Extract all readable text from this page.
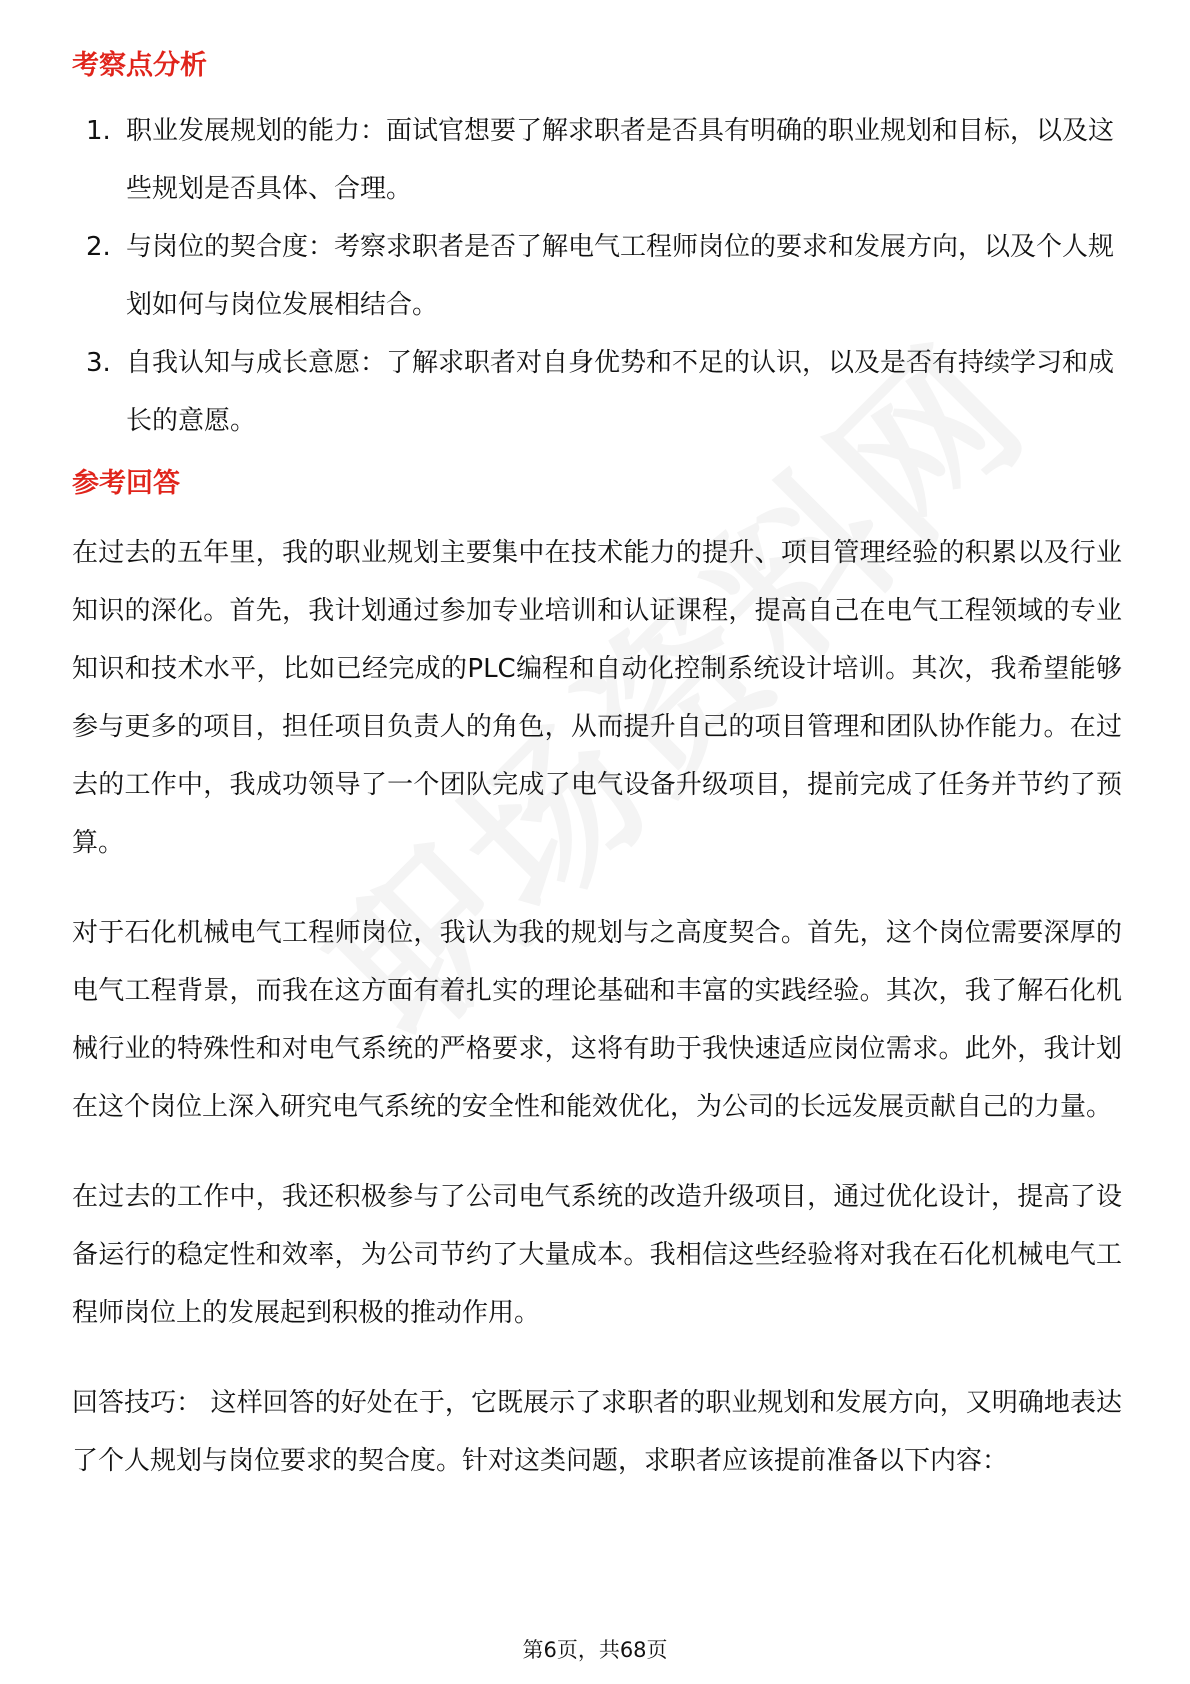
考察点分析
1. 职业发展规划的能力：面试官想要了解求职者是否具有明确的职业规划和目标，以及这些规划是否具体、合理。
2. 与岗位的契合度：考察求职者是否了解电气工程师岗位的要求和发展方向，以及个人规划如何与岗位发展相结合。
3. 自我认知与成长意愿：了解求职者对自身优势和不足的认识，以及是否有持续学习和成长的意愿。
参考回答

在过去的五年里，我的职业规划主要集中在技术能力的提升、项目管理经验的积累以及行业知识的深化。首先，我计划通过参加专业培训和认证课程，提高自己在电气工程领域的专业知识和技术水平，比如已经完成的PLC编程和自动化控制系统设计培训。其次，我希望能够参与更多的项目，担任项目负责人的角色，从而提升自己的项目管理和团队协作能力。在过去的工作中，我成功领导了一个团队完成了电气设备升级项目，提前完成了任务并节约了预算。

对于石化机械电气工程师岗位，我认为我的规划与之高度契合。首先，这个岗位需要深厚的电气工程背景，而我在这方面有着扎实的理论基础和丰富的实践经验。其次，我了解石化机械行业的特殊性和对电气系统的严格要求，这将有助于我快速适应岗位需求。此外，我计划在这个岗位上深入研究电气系统的安全性和能效优化，为公司的长远发展贡献自己的力量。

在过去的工作中，我还积极参与了公司电气系统的改造升级项目，通过优化设计，提高了设备运行的稳定性和效率，为公司节约了大量成本。我相信这些经验将对我在石化机械电气工程师岗位上的发展起到积极的推动作用。

回答技巧： 这样回答的好处在于，它既展示了求职者的职业规划和发展方向，又明确地表达了个人规划与岗位要求的契合度。针对这类问题，求职者应该提前准备以下内容：

第6页，共68页
